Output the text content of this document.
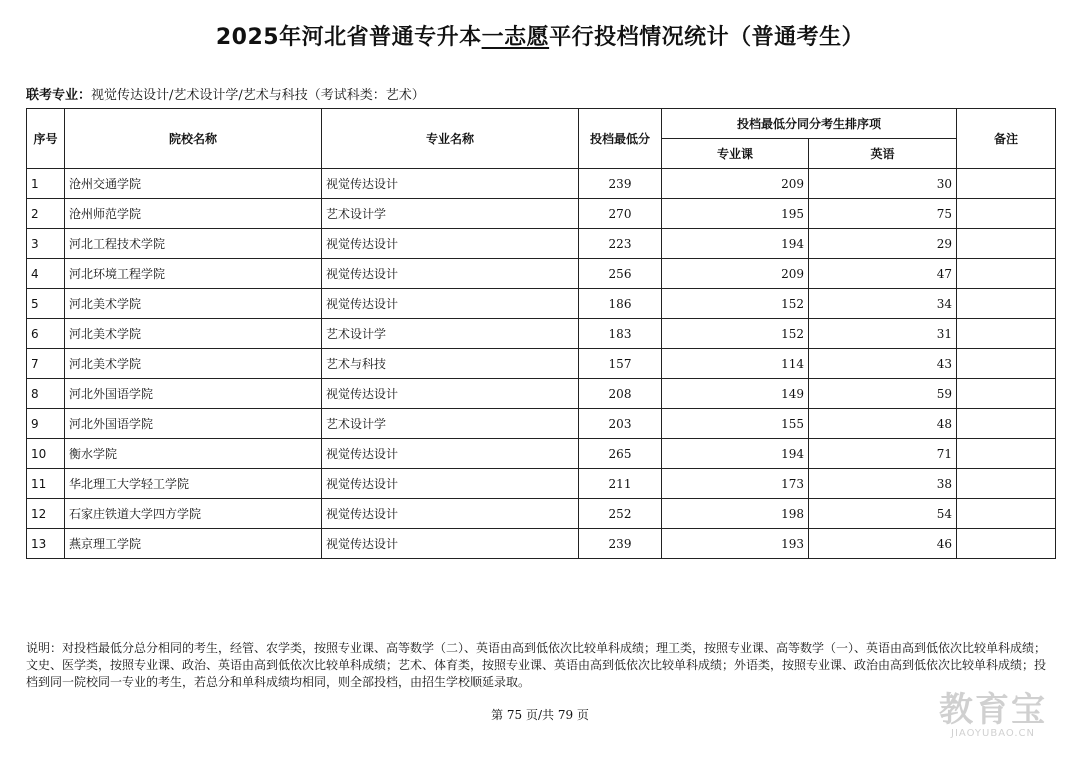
2025年河北省普通专升本一志愿平行投档情况统计（普通考生）
联考专业：视觉传达设计/艺术设计学/艺术与科技（考试科类：艺术）
序号	院校名称	专业名称	投档最低分	投档最低分同分考生排序项		备注
				专业课	英语	
1	沧州交通学院	视觉传达设计	239	209	30	
2	沧州师范学院	艺术设计学	270	195	75	
3	河北工程技术学院	视觉传达设计	223	194	29	
4	河北环境工程学院	视觉传达设计	256	209	47	
5	河北美术学院	视觉传达设计	186	152	34	
6	河北美术学院	艺术设计学	183	152	31	
7	河北美术学院	艺术与科技	157	114	43	
8	河北外国语学院	视觉传达设计	208	149	59	
9	河北外国语学院	艺术设计学	203	155	48	
10	衡水学院	视觉传达设计	265	194	71	
11	华北理工大学轻工学院	视觉传达设计	211	173	38	
12	石家庄铁道大学四方学院	视觉传达设计	252	198	54	
13	燕京理工学院	视觉传达设计	239	193	46	
说明：对投档最低分总分相同的考生，经管、农学类，按照专业课、高等数学（二）、英语由高到低依次比较单科成绩；理工类，按照专业课、高等数学（一）、英语由高到低依次比较单科成绩；文史、医学类，按照专业课、政治、英语由高到低依次比较单科成绩；艺术、体育类，按照专业课、英语由高到低依次比较单科成绩；外语类，按照专业课、政治由高到低依次比较单科成绩；投档到同一院校同一专业的考生，若总分和单科成绩均相同，则全部投档，由招生学校顺延录取。
第 75 页/共 79 页	教育宝
JIAOYUBAO.CN
